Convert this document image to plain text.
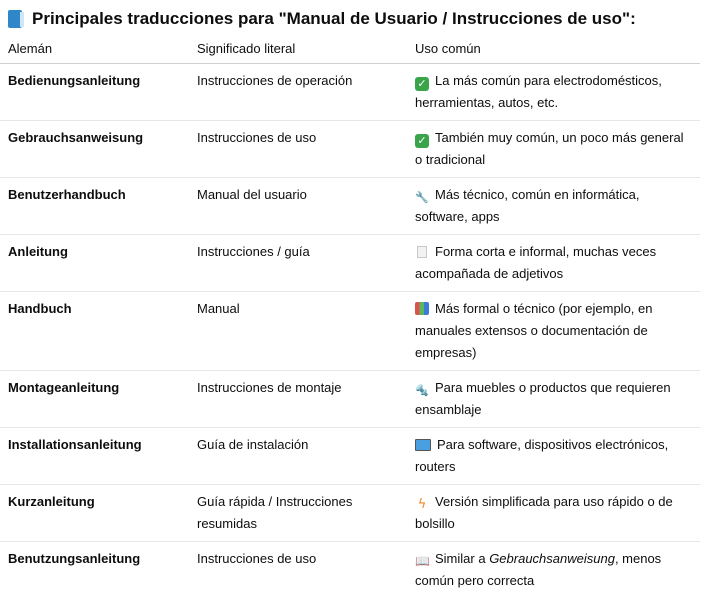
Principales traducciones para "Manual de Usuario / Instrucciones de uso":
Alemán	Significado literal	Uso común
Bedienungsanleitung	Instrucciones de operación	✓ La más común para electrodomésticos, herramientas, autos, etc.
Gebrauchsanweisung	Instrucciones de uso	✓ También muy común, un poco más general o tradicional
Benutzerhandbuch	Manual del usuario	🔧 Más técnico, común en informática, software, apps
Anleitung	Instrucciones / guía	Forma corta e informal, muchas veces acompañada de adjetivos
Handbuch	Manual	Más formal o técnico (por ejemplo, en manuales extensos o documentación de empresas)
Montageanleitung	Instrucciones de montaje	🔩 Para muebles o productos que requieren ensamblaje
Installationsanleitung	Guía de instalación	Para software, dispositivos electrónicos, routers
Kurzanleitung	Guía rápida / Instrucciones resumidas	ϟ Versión simplificada para uso rápido o de bolsillo
Benutzungsanleitung	Instrucciones de uso	📖 Similar a Gebrauchsanweisung, menos común pero correcta
